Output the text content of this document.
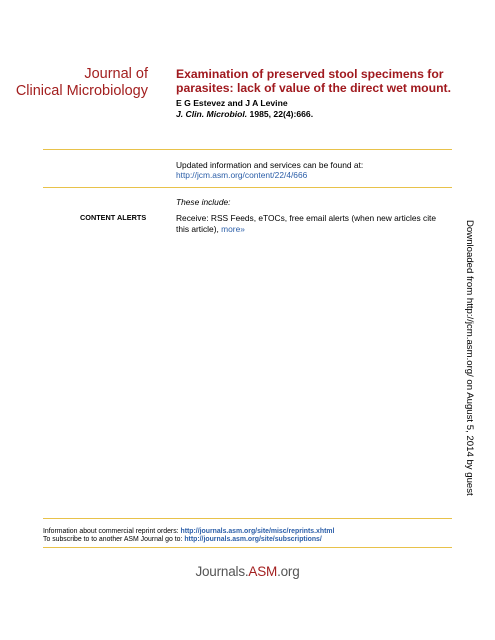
Journal of
Clinical Microbiology
Examination of preserved stool specimens for
parasites: lack of value of the direct wet mount.
E G Estevez and J A Levine
J. Clin. Microbiol. 1985, 22(4):666.
Updated information and services can be found at:
http://jcm.asm.org/content/22/4/666
These include:
CONTENT ALERTS	Receive: RSS Feeds, eTOCs, free email alerts (when new articles cite this article), more»	Downloaded from http://jcm.asm.org/ on August 5, 2014 by guest
Information about commercial reprint orders: http://journals.asm.org/site/misc/reprints.xhtml
To subscribe to to another ASM Journal go to: http://journals.asm.org/site/subscriptions/
Journals.ASM.org
